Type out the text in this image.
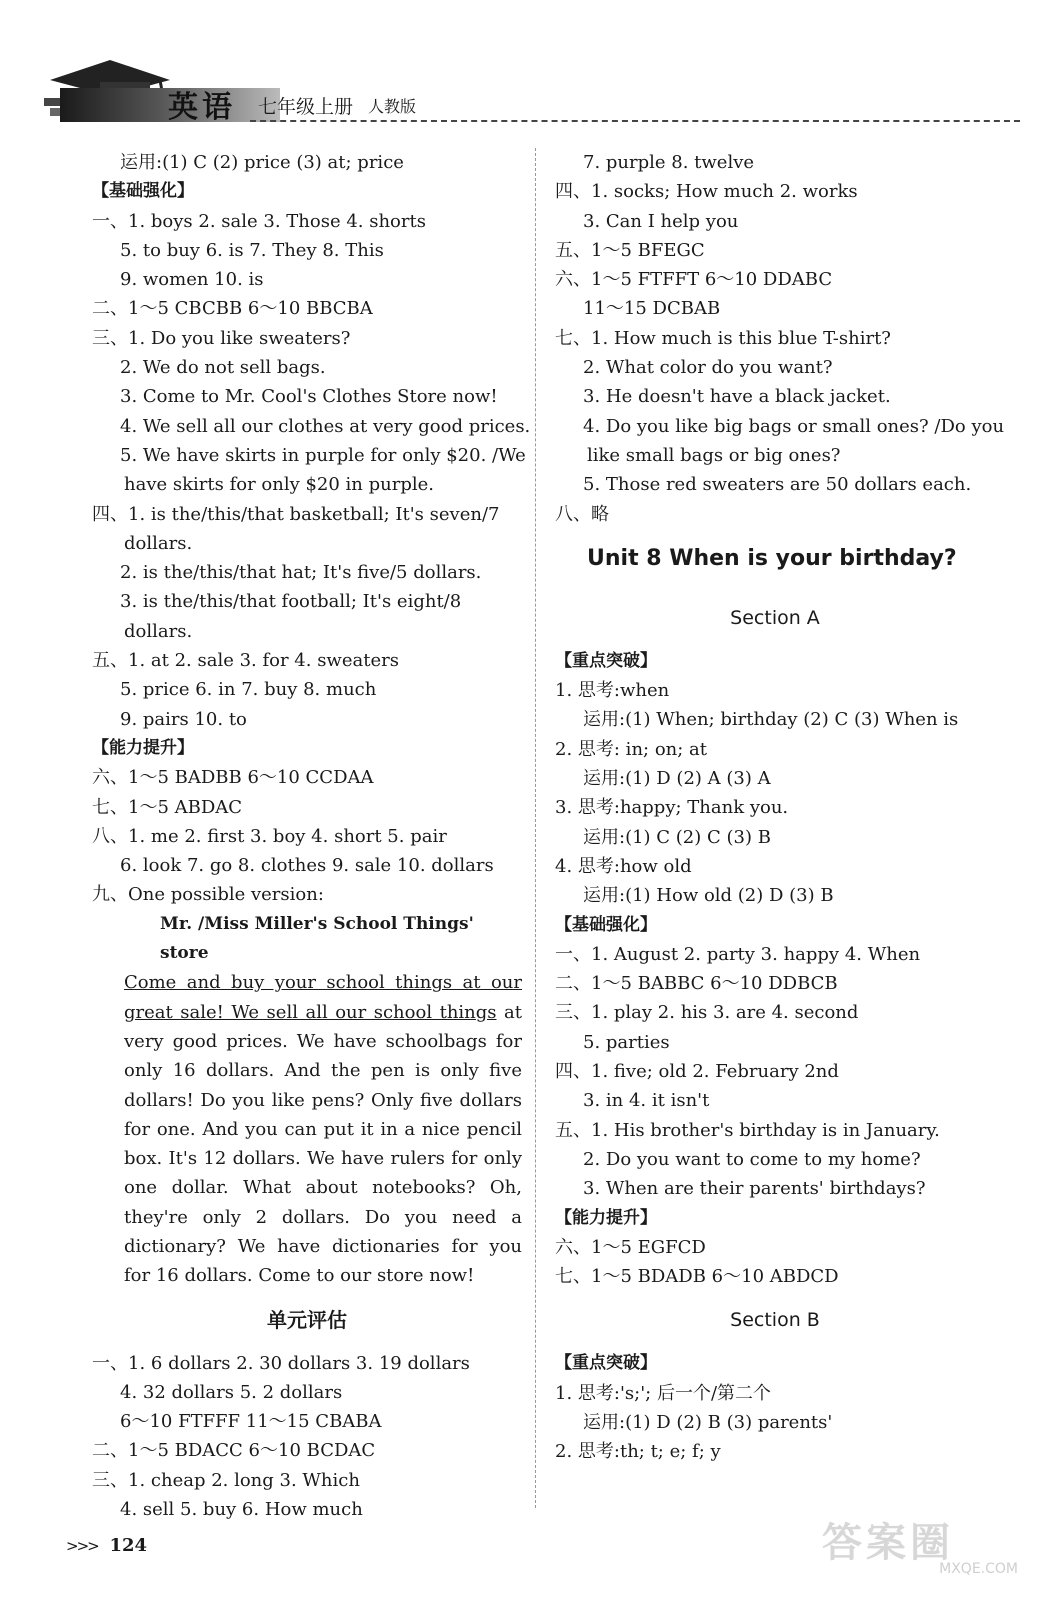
英语 七年级上册 人教版
运用:(1) C (2) price (3) at; price
【基础强化】
一、1. boys 2. sale 3. Those 4. shorts
5. to buy 6. is 7. They 8. This
9. women 10. is
二、1～5 CBCBB 6～10 BBCBA
三、1. Do you like sweaters?
2. We do not sell bags.
3. Come to Mr. Cool's Clothes Store now!
4. We sell all our clothes at very good prices.
5. We have skirts in purple for only $20. /We
have skirts for only $20 in purple.
四、1. is the/this/that basketball; It's seven/7
dollars.
2. is the/this/that hat; It's five/5 dollars.
3. is the/this/that football; It's eight/8
dollars.
五、1. at 2. sale 3. for 4. sweaters
5. price 6. in 7. buy 8. much
9. pairs 10. to
【能力提升】
六、1～5 BADBB 6～10 CCDAA
七、1～5 ABDAC
八、1. me 2. first 3. boy 4. short 5. pair
6. look 7. go 8. clothes 9. sale 10. dollars
九、One possible version:
Mr. /Miss Miller's School Things' store
Come and buy your school things at our great sale! We sell all our school things at very good prices. We have schoolbags for only 16 dollars. And the pen is only five dollars! Do you like pens? Only five dollars for one. And you can put it in a nice pencil box. It's 12 dollars. We have rulers for only one dollar. What about notebooks? Oh, they're only 2 dollars. Do you need a dictionary? We have dictionaries for you for 16 dollars. Come to our store now!
单元评估
一、1. 6 dollars 2. 30 dollars 3. 19 dollars
4. 32 dollars 5. 2 dollars
6～10 FTFFF 11～15 CBABA
二、1～5 BDACC 6～10 BCDAC
三、1. cheap 2. long 3. Which
4. sell 5. buy 6. How much
7. purple 8. twelve
四、1. socks; How much 2. works
3. Can I help you
五、1～5 BFEGC
六、1～5 FTFFT 6～10 DDABC
11～15 DCBAB
七、1. How much is this blue T-shirt?
2. What color do you want?
3. He doesn't have a black jacket.
4. Do you like big bags or small ones? /Do you
like small bags or big ones?
5. Those red sweaters are 50 dollars each.
八、略
Unit 8 When is your birthday?
Section A
【重点突破】
1. 思考:when
运用:(1) When; birthday (2) C (3) When is
2. 思考: in; on; at
运用:(1) D (2) A (3) A
3. 思考:happy; Thank you.
运用:(1) C (2) C (3) B
4. 思考:how old
运用:(1) How old (2) D (3) B
【基础强化】
一、1. August 2. party 3. happy 4. When
二、1～5 BABBC 6～10 DDBCB
三、1. play 2. his 3. are 4. second
5. parties
四、1. five; old 2. February 2nd
3. in 4. it isn't
五、1. His brother's birthday is in January.
2. Do you want to come to my home?
3. When are their parents' birthdays?
【能力提升】
六、1～5 EGFCD
七、1～5 BDADB 6～10 ABDCD
Section B
【重点突破】
1. 思考:'s;'; 后一个/第二个
运用:(1) D (2) B (3) parents'
2. 思考:th; t; e; f; y
>>> 124	答案圈
MXQE.COM
